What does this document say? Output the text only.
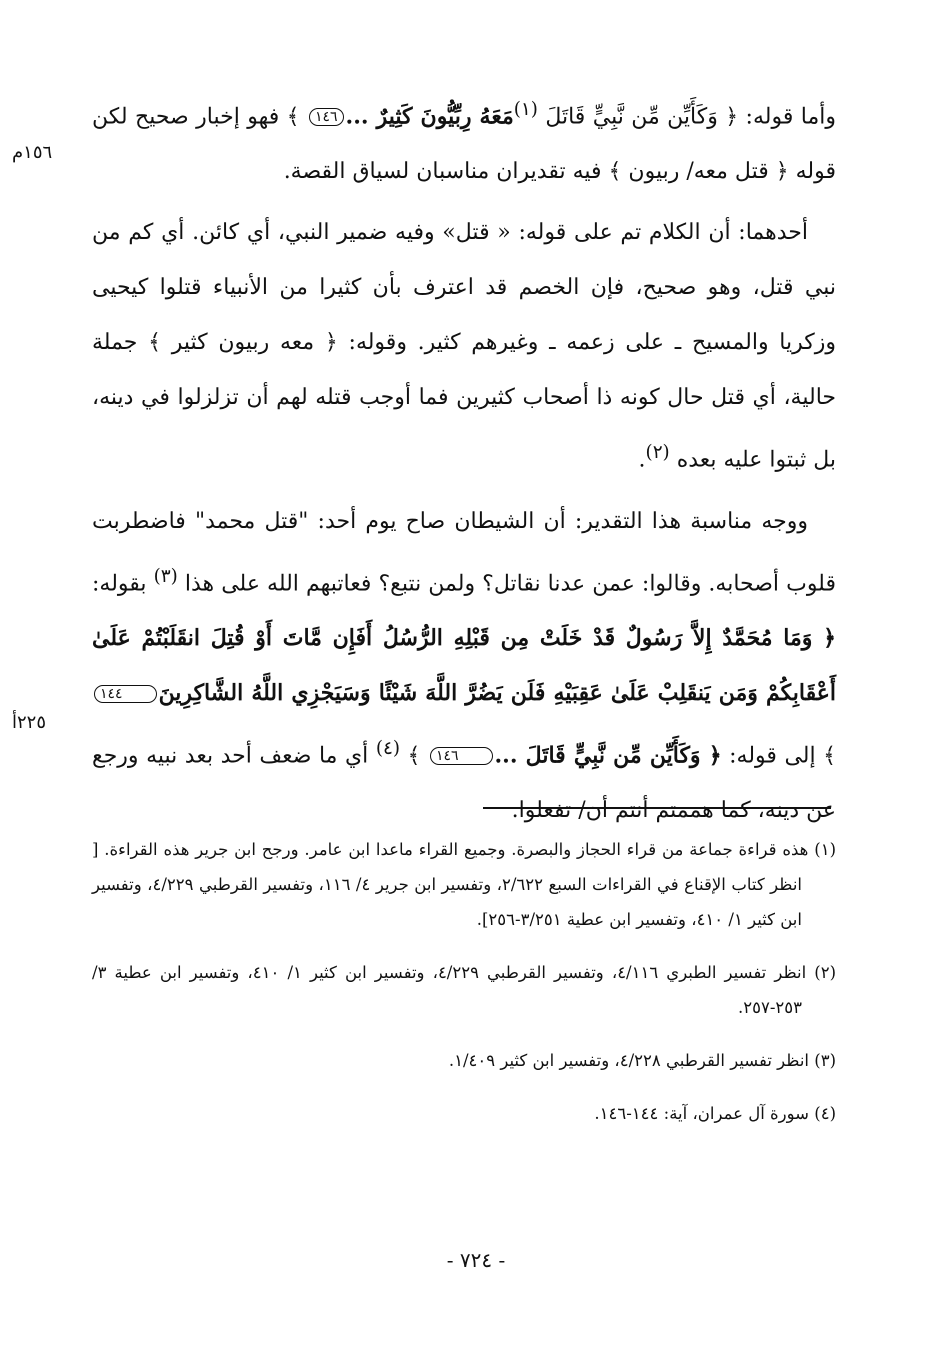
١٥٦م
٢٢٥أ

وأما قوله: ﴿ وَكَأَيِّن مِّن نَّبِيٍّ قَاتَلَ $^{(١)}$مَعَهُ رِبِّيُّونَ كَثِيرٌ ...١٤٦ ﴾ فهو إخبار صحيح لكن قوله ﴿ قتل معه/ ربيون ﴾ فيه تقديران مناسبان لسياق القصة.

أحدهما: أن الكلام تم على قوله: « قتل» وفيه ضمير النبي، أي كائن. أي كم من نبي قتل، وهو صحيح، فإن الخصم قد اعترف بأن كثيرا من الأنبياء قتلوا كيحيى وزكريا والمسيح ـ على زعمه ـ وغيرهم كثير. وقوله: ﴿ معه ربيون كثير ﴾ جملة حالية، أي قتل حال كونه ذا أصحاب كثيرين فما أوجب قتله لهم أن تزلزلوا في دينه، بل ثبتوا عليه بعده $^{(٢)}$.

ووجه مناسبة هذا التقدير: أن الشيطان صاح يوم أحد: "قتل محمد" فاضطربت قلوب أصحابه. وقالوا: عمن عدنا نقاتل؟ ولمن نتبع؟ فعاتبهم الله على هذا $^{(٣)}$ بقوله: ﴿ وَمَا مُحَمَّدٌ إِلاَّ رَسُولٌ قَدْ خَلَتْ مِن قَبْلِهِ الرُّسُلُ أَفَإِن مَّاتَ أَوْ قُتِلَ انقَلَبْتُمْ عَلَىٰ أَعْقَابِكُمْ وَمَن يَنقَلِبْ عَلَىٰ عَقِبَيْهِ فَلَن يَضُرَّ اللَّهَ شَيْئًا وَسَيَجْزِي اللَّهُ الشَّاكِرِينَ١٤٤ ﴾ إلى قوله: ﴿ وَكَأَيِّن مِّن نَّبِيٍّ قَاتَلَ ...١٤٦ ﴾ $^{(٤)}$ أي ما ضعف أحد بعد نبيه ورجع عن دينه، كما هممتم أنتم أن/ تفعلوا.

(١) هذه قراءة جماعة من قراء الحجاز والبصرة. وجميع القراء ماعدا ابن عامر. ورجح ابن جرير هذه القراءة. [ انظر كتاب الإقناع في القراءات السبع ٢/٦٢٢، وتفسير ابن جرير ٤/ ١١٦، وتفسير القرطبي ٤/٢٢٩، وتفسير ابن كثير ١/ ٤١٠، وتفسير ابن عطية ٣/٢٥١-٢٥٦].

(٢) انظر تفسير الطبري ٤/١١٦، وتفسير القرطبي ٤/٢٢٩، وتفسير ابن كثير ١/ ٤١٠، وتفسير ابن عطية ٣/ ٢٥٣-٢٥٧.

(٣) انظر تفسير القرطبي ٤/٢٢٨، وتفسير ابن كثير ١/٤٠٩.

(٤) سورة آل عمران، آية: ١٤٤-١٤٦.

- ٧٢٤ -
